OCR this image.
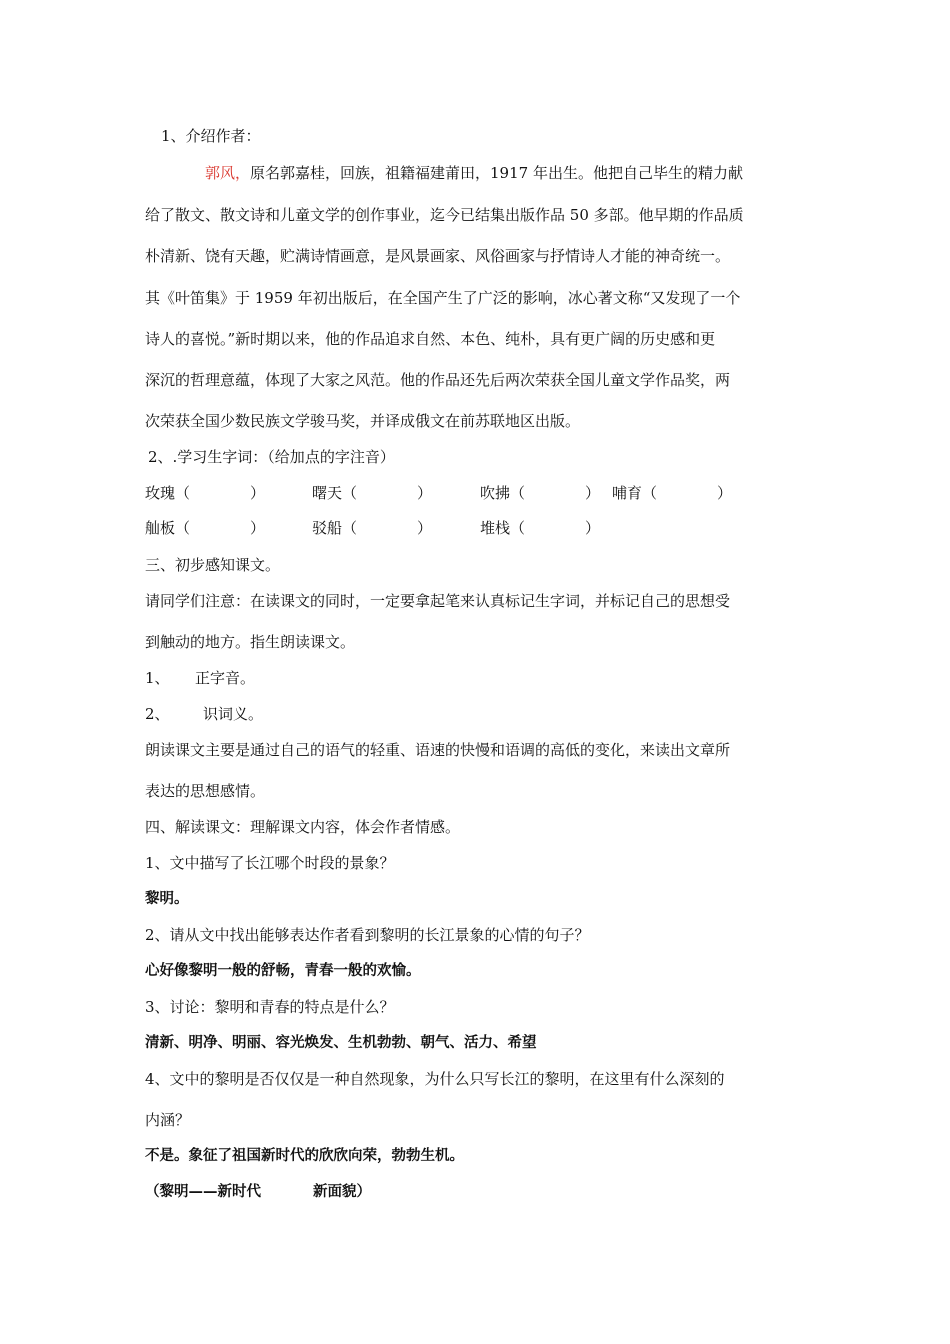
1、介绍作者：
郭风，原名郭嘉桂，回族，祖籍福建莆田，1917 年出生。他把自己毕生的精力献
给了散文、散文诗和儿童文学的创作事业，迄今已结集出版作品 50 多部。他早期的作品质
朴清新、饶有天趣，贮满诗情画意，是风景画家、风俗画家与抒情诗人才能的神奇统一。
其《叶笛集》于 1959 年初出版后，在全国产生了广泛的影响，冰心著文称“又发现了一个
诗人的喜悦。”新时期以来，他的作品追求自然、本色、纯朴，具有更广阔的历史感和更
深沉的哲理意蕴，体现了大家之风范。他的作品还先后两次荣获全国儿童文学作品奖，两
次荣获全国少数民族文学骏马奖，并译成俄文在前苏联地区出版。
2、.学习生字词：（给加点的字注音）
玫瑰（　　　　）	曙天（　　　　）	吹拂（　　　　） 哺育（　　　　）
舢板（　　　　）	驳船（　　　　）	堆栈（　　　　）
三、初步感知课文。
请同学们注意：在读课文的同时，一定要拿起笔来认真标记生字词，并标记自己的思想受
到触动的地方。指生朗读课文。
1、 正字音。
2、 识词义。
朗读课文主要是通过自己的语气的轻重、语速的快慢和语调的高低的变化，来读出文章所
表达的思想感情。
四、解读课文：理解课文内容，体会作者情感。
1、文中描写了长江哪个时段的景象？
黎明。
2、请从文中找出能够表达作者看到黎明的长江景象的心情的句子？
心好像黎明一般的舒畅，青春一般的欢愉。
3、讨论：黎明和青春的特点是什么？
清新、明净、明丽、容光焕发、生机勃勃、朝气、活力、希望
4、文中的黎明是否仅仅是一种自然现象，为什么只写长江的黎明，在这里有什么深刻的
内涵？
不是。象征了祖国新时代的欣欣向荣，勃勃生机。
（黎明——新时代	新面貌）
